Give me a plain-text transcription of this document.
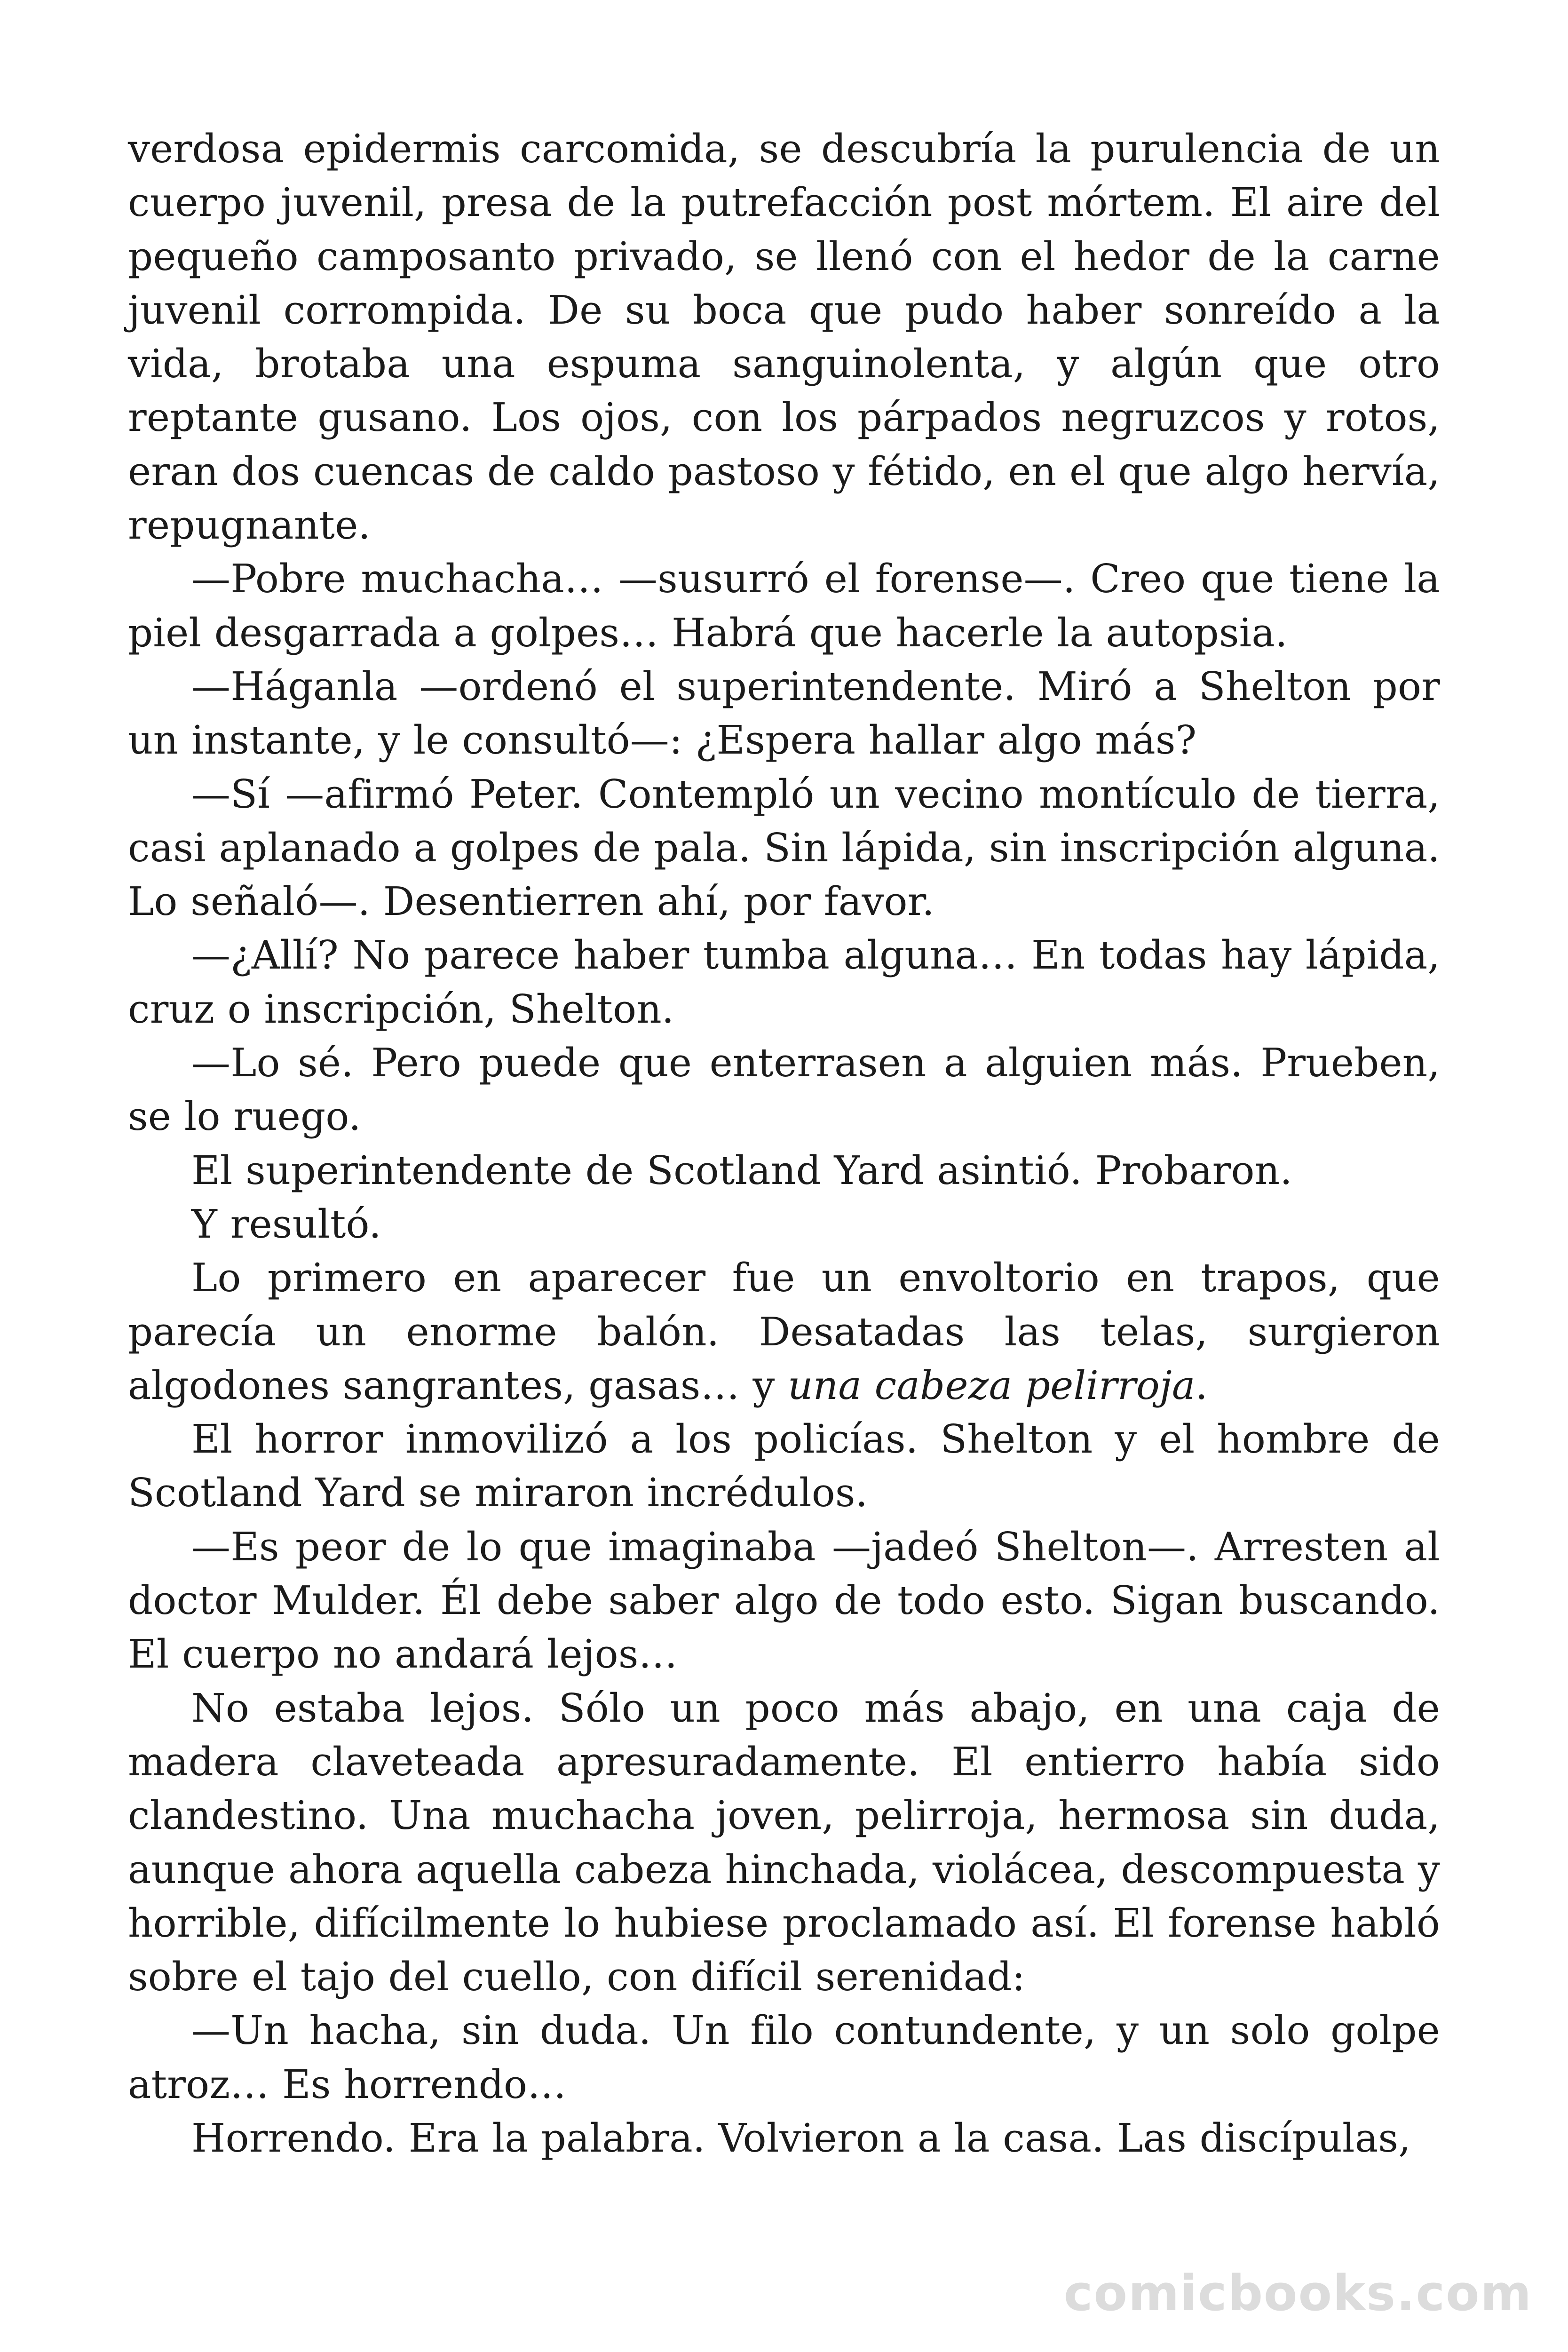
verdosa epidermis carcomida, se descubría la purulencia de un cuerpo juvenil, presa de la putrefacción post mórtem. El aire del pequeño camposanto privado, se llenó con el hedor de la carne juvenil corrompida. De su boca que pudo haber sonreído a la vida, brotaba una espuma sanguinolenta, y algún que otro reptante gusano. Los ojos, con los párpados negruzcos y rotos, eran dos cuencas de caldo pastoso y fétido, en el que algo hervía, repugnante.

—Pobre muchacha… —susurró el forense—. Creo que tiene la piel desgarrada a golpes… Habrá que hacerle la autopsia.

—Háganla —ordenó el superintendente. Miró a Shelton por un instante, y le consultó—: ¿Espera hallar algo más?

—Sí —afirmó Peter. Contempló un vecino montículo de tierra, casi aplanado a golpes de pala. Sin lápida, sin inscripción alguna. Lo señaló—. Desentierren ahí, por favor.

—¿Allí? No parece haber tumba alguna… En todas hay lápida, cruz o inscripción, Shelton.

—Lo sé. Pero puede que enterrasen a alguien más. Prueben, se lo ruego.

El superintendente de Scotland Yard asintió. Probaron.

Y resultó.

Lo primero en aparecer fue un envoltorio en trapos, que parecía un enorme balón. Desatadas las telas, surgieron algodones sangrantes, gasas… y una cabeza pelirroja.

El horror inmovilizó a los policías. Shelton y el hombre de Scotland Yard se miraron incrédulos.

—Es peor de lo que imaginaba —jadeó Shelton—. Arresten al doctor Mulder. Él debe saber algo de todo esto. Sigan buscando. El cuerpo no andará lejos…

No estaba lejos. Sólo un poco más abajo, en una caja de madera claveteada apresuradamente. El entierro había sido clandestino. Una muchacha joven, pelirroja, hermosa sin duda, aunque ahora aquella cabeza hinchada, violácea, descompuesta y horrible, difícilmente lo hubiese proclamado así. El forense habló sobre el tajo del cuello, con difícil serenidad:

—Un hacha, sin duda. Un filo contundente, y un solo golpe atroz… Es horrendo…

Horrendo. Era la palabra. Volvieron a la casa. Las discípulas,

comicbooks.com
